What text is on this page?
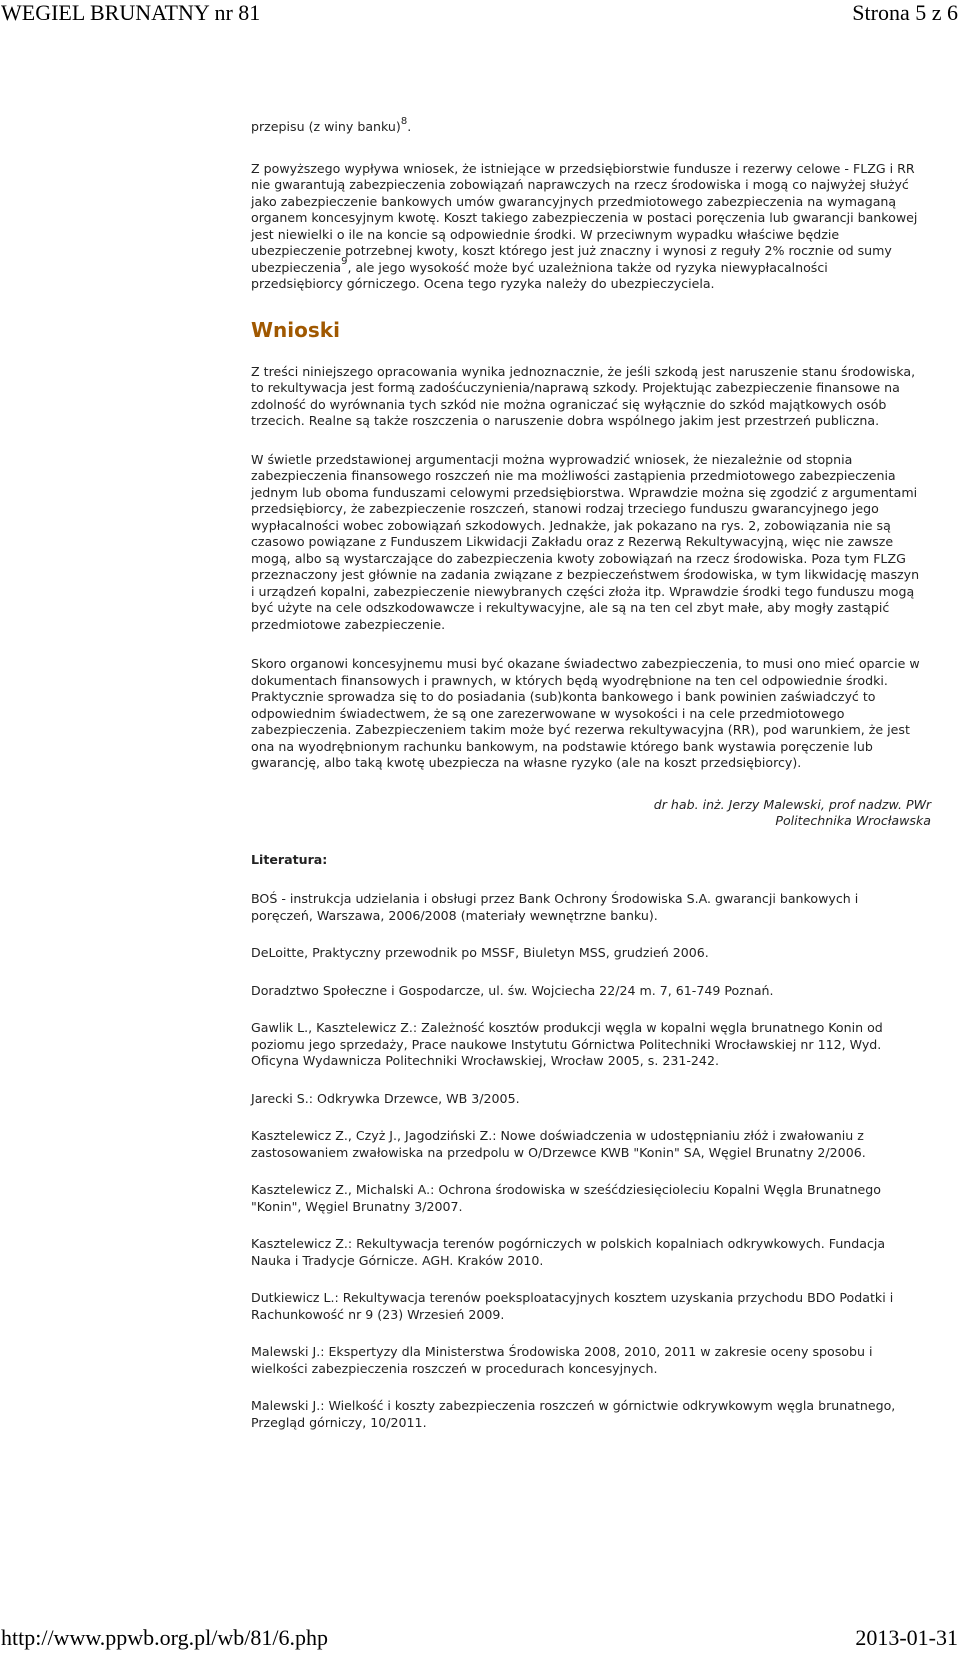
WEGIEL BRUNATNY nr 81	Strona 5 z 6

przepisu (z winy banku)$^8$.

Z powyższego wypływa wniosek, że istniejące w przedsiębiorstwie fundusze i rezerwy celowe - FLZG i RR nie gwarantują zabezpieczenia zobowiązań naprawczych na rzecz środowiska i mogą co najwyżej służyć jako zabezpieczenie bankowych umów gwarancyjnych przedmiotowego zabezpieczenia na wymaganą organem koncesyjnym kwotę. Koszt takiego zabezpieczenia w postaci poręczenia lub gwarancji bankowej jest niewielki o ile na koncie są odpowiednie środki. W przeciwnym wypadku właściwe będzie ubezpieczenie potrzebnej kwoty, koszt którego jest już znaczny i wynosi z reguły 2% rocznie od sumy ubezpieczenia$^9$, ale jego wysokość może być uzależniona także od ryzyka niewypłacalności przedsiębiorcy górniczego. Ocena tego ryzyka należy do ubezpieczyciela.

Wnioski

Z treści niniejszego opracowania wynika jednoznacznie, że jeśli szkodą jest naruszenie stanu środowiska, to rekultywacja jest formą zadośćuczynienia/naprawą szkody. Projektując zabezpieczenie finansowe na zdolność do wyrównania tych szkód nie można ograniczać się wyłącznie do szkód majątkowych osób trzecich. Realne są także roszczenia o naruszenie dobra wspólnego jakim jest przestrzeń publiczna.

W świetle przedstawionej argumentacji można wyprowadzić wniosek, że niezależnie od stopnia zabezpieczenia finansowego roszczeń nie ma możliwości zastąpienia przedmiotowego zabezpieczenia jednym lub oboma funduszami celowymi przedsiębiorstwa. Wprawdzie można się zgodzić z argumentami przedsiębiorcy, że zabezpieczenie roszczeń, stanowi rodzaj trzeciego funduszu gwarancyjnego jego wypłacalności wobec zobowiązań szkodowych. Jednakże, jak pokazano na rys. 2, zobowiązania nie są czasowo powiązane z Funduszem Likwidacji Zakładu oraz z Rezerwą Rekultywacyjną, więc nie zawsze mogą, albo są wystarczające do zabezpieczenia kwoty zobowiązań na rzecz środowiska. Poza tym FLZG przeznaczony jest głównie na zadania związane z bezpieczeństwem środowiska, w tym likwidację maszyn i urządzeń kopalni, zabezpieczenie niewybranych części złoża itp. Wprawdzie środki tego funduszu mogą być użyte na cele odszkodowawcze i rekultywacyjne, ale są na ten cel zbyt małe, aby mogły zastąpić przedmiotowe zabezpieczenie.

Skoro organowi koncesyjnemu musi być okazane świadectwo zabezpieczenia, to musi ono mieć oparcie w dokumentach finansowych i prawnych, w których będą wyodrębnione na ten cel odpowiednie środki. Praktycznie sprowadza się to do posiadania (sub)konta bankowego i bank powinien zaświadczyć to odpowiednim świadectwem, że są one zarezerwowane w wysokości i na cele przedmiotowego zabezpieczenia. Zabezpieczeniem takim może być rezerwa rekultywacyjna (RR), pod warunkiem, że jest ona na wyodrębnionym rachunku bankowym, na podstawie którego bank wystawia poręczenie lub gwarancję, albo taką kwotę ubezpiecza na własne ryzyko (ale na koszt przedsiębiorcy).

dr hab. inż. Jerzy Malewski, prof nadzw. PWr
Politechnika Wrocławska

Literatura:

BOŚ - instrukcja udzielania i obsługi przez Bank Ochrony Środowiska S.A. gwarancji bankowych i poręczeń, Warszawa, 2006/2008 (materiały wewnętrzne banku).

DeLoitte, Praktyczny przewodnik po MSSF, Biuletyn MSS, grudzień 2006.

Doradztwo Społeczne i Gospodarcze, ul. św. Wojciecha 22/24 m. 7, 61-749 Poznań.

Gawlik L., Kasztelewicz Z.: Zależność kosztów produkcji węgla w kopalni węgla brunatnego Konin od poziomu jego sprzedaży, Prace naukowe Instytutu Górnictwa Politechniki Wrocławskiej nr 112, Wyd. Oficyna Wydawnicza Politechniki Wrocławskiej, Wrocław 2005, s. 231-242.

Jarecki S.: Odkrywka Drzewce, WB 3/2005.

Kasztelewicz Z., Czyż J., Jagodziński Z.: Nowe doświadczenia w udostępnianiu złóż i zwałowaniu z zastosowaniem zwałowiska na przedpolu w O/Drzewce KWB "Konin" SA, Węgiel Brunatny 2/2006.

Kasztelewicz Z., Michalski A.: Ochrona środowiska w sześćdziesięcioleciu Kopalni Węgla Brunatnego "Konin", Węgiel Brunatny 3/2007.

Kasztelewicz Z.: Rekultywacja terenów pogórniczych w polskich kopalniach odkrywkowych. Fundacja Nauka i Tradycje Górnicze. AGH. Kraków 2010.

Dutkiewicz L.: Rekultywacja terenów poeksploatacyjnych kosztem uzyskania przychodu BDO Podatki i Rachunkowość nr 9 (23) Wrzesień 2009.

Malewski J.: Ekspertyzy dla Ministerstwa Środowiska 2008, 2010, 2011 w zakresie oceny sposobu i wielkości zabezpieczenia roszczeń w procedurach koncesyjnych.

Malewski J.: Wielkość i koszty zabezpieczenia roszczeń w górnictwie odkrywkowym węgla brunatnego, Przegląd górniczy, 10/2011.

http://www.ppwb.org.pl/wb/81/6.php	2013-01-31
